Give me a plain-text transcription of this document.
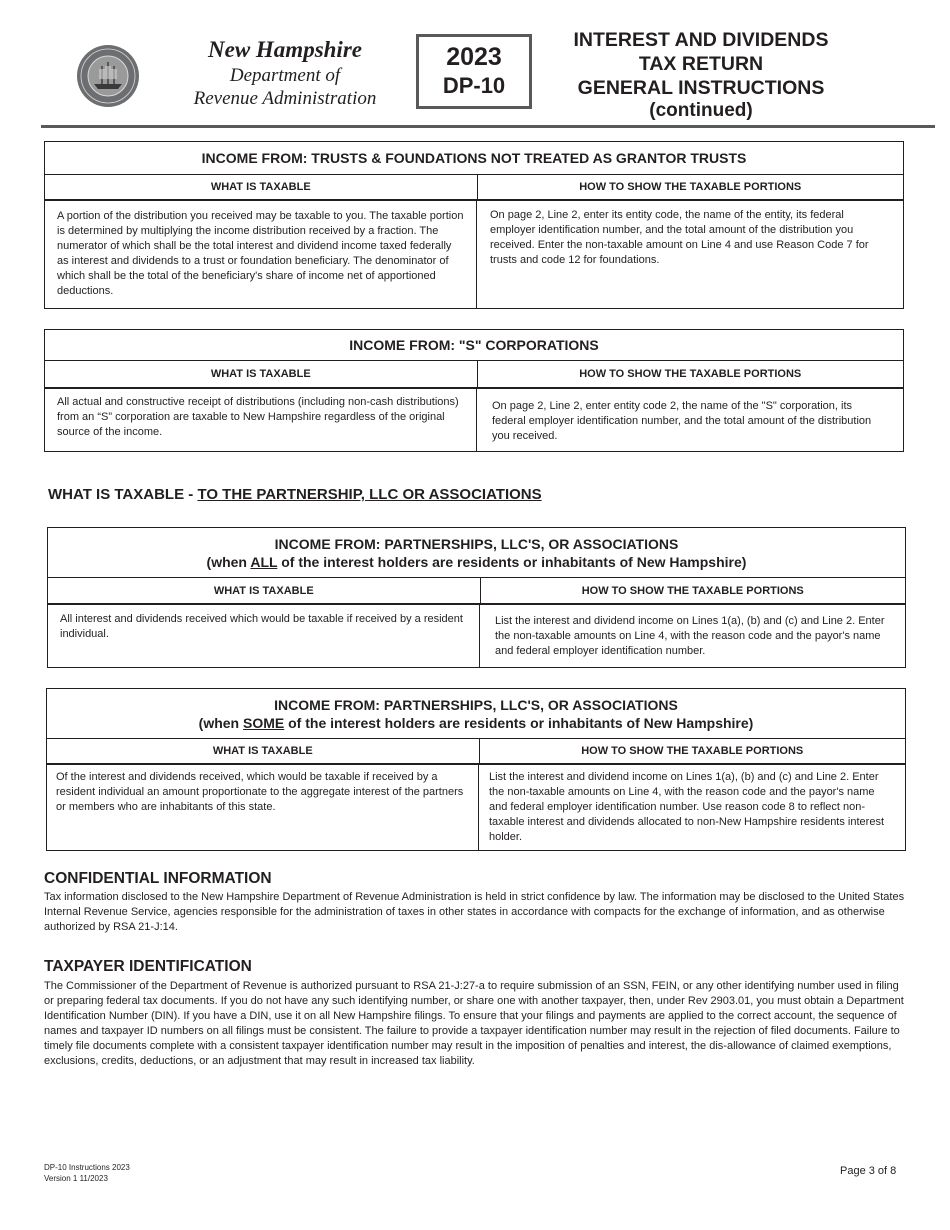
New Hampshire
Department of
Revenue Administration
2023
DP-10
INTEREST AND DIVIDENDS
TAX RETURN
GENERAL INSTRUCTIONS
(continued)
INCOME FROM: TRUSTS & FOUNDATIONS NOT TREATED AS GRANTOR TRUSTS
WHAT IS TAXABLE	HOW TO SHOW THE TAXABLE PORTIONS
A portion of the distribution you received may be taxable to you. The taxable portion is determined by multiplying the income distribution received by a fraction. The numerator of which shall be the total interest and dividend income taxed federally as interest and dividends to a trust or foundation beneficiary. The denominator of which shall be the total of the beneficiary's share of income net of apportioned deductions.
On page 2, Line 2, enter its entity code, the name of the entity, its federal employer identification number, and the total amount of the distribution you received. Enter the non-taxable amount on Line 4 and use Reason Code 7 for trusts and code 12 for foundations.
INCOME FROM: "S" CORPORATIONS
WHAT IS TAXABLE	HOW TO SHOW THE TAXABLE PORTIONS
All actual and constructive receipt of distributions (including non-cash distributions) from an “S” corporation are taxable to New Hampshire regardless of the original source of the income.
On page 2, Line 2, enter entity code 2, the name of the "S" corporation, its federal employer identification number, and the total amount of the distribution you received.
WHAT IS TAXABLE - TO THE PARTNERSHIP, LLC OR ASSOCIATIONS
INCOME FROM: PARTNERSHIPS, LLC'S, OR ASSOCIATIONS
(when ALL of the interest holders are residents or inhabitants of New Hampshire)
WHAT IS TAXABLE	HOW TO SHOW THE TAXABLE PORTIONS
All interest and dividends received which would be taxable if received by a resident individual.
List the interest and dividend income on Lines 1(a), (b) and (c) and Line 2. Enter the non-taxable amounts on Line 4, with the reason code and the payor's name and federal employer identification number.
INCOME FROM: PARTNERSHIPS, LLC'S, OR ASSOCIATIONS
(when SOME of the interest holders are residents or inhabitants of New Hampshire)
WHAT IS TAXABLE	HOW TO SHOW THE TAXABLE PORTIONS
Of the interest and dividends received, which would be taxable if received by a resident individual an amount proportionate to the aggregate interest of the partners or members who are inhabitants of this state.
List the interest and dividend income on Lines 1(a), (b) and (c) and Line 2. Enter the non-taxable amounts on Line 4, with the reason code and the payor's name and federal employer identification number. Use reason code 8 to reflect non- taxable interest and dividends allocated to non-New Hampshire residents interest holder.
CONFIDENTIAL INFORMATION
Tax information disclosed to the New Hampshire Department of Revenue Administration is held in strict confidence by law. The information may be disclosed to the United States Internal Revenue Service, agencies responsible for the administration of taxes in other states in accordance with compacts for the exchange of information, and as otherwise authorized by RSA 21-J:14.
TAXPAYER IDENTIFICATION
The Commissioner of the Department of Revenue is authorized pursuant to RSA 21-J:27-a to require submission of an SSN, FEIN, or any other identifying number used in filing or preparing federal tax documents. If you do not have any such identifying number, or share one with another taxpayer, then, under Rev 2903.01, you must obtain a Department Identification Number (DIN). If you have a DIN, use it on all New Hampshire filings. To ensure that your filings and payments are applied to the correct account, the sequence of names and taxpayer ID numbers on all filings must be consistent. The failure to provide a taxpayer identification number may result in the rejection of filed documents. Failure to timely file documents complete with a consistent taxpayer identification number may result in the imposition of penalties and interest, the dis-allowance of claimed exemptions, exclusions, credits, deductions, or an adjustment that may result in increased tax liability.
DP-10 Instructions 2023
Version 1 11/2023
Page 3 of 8
